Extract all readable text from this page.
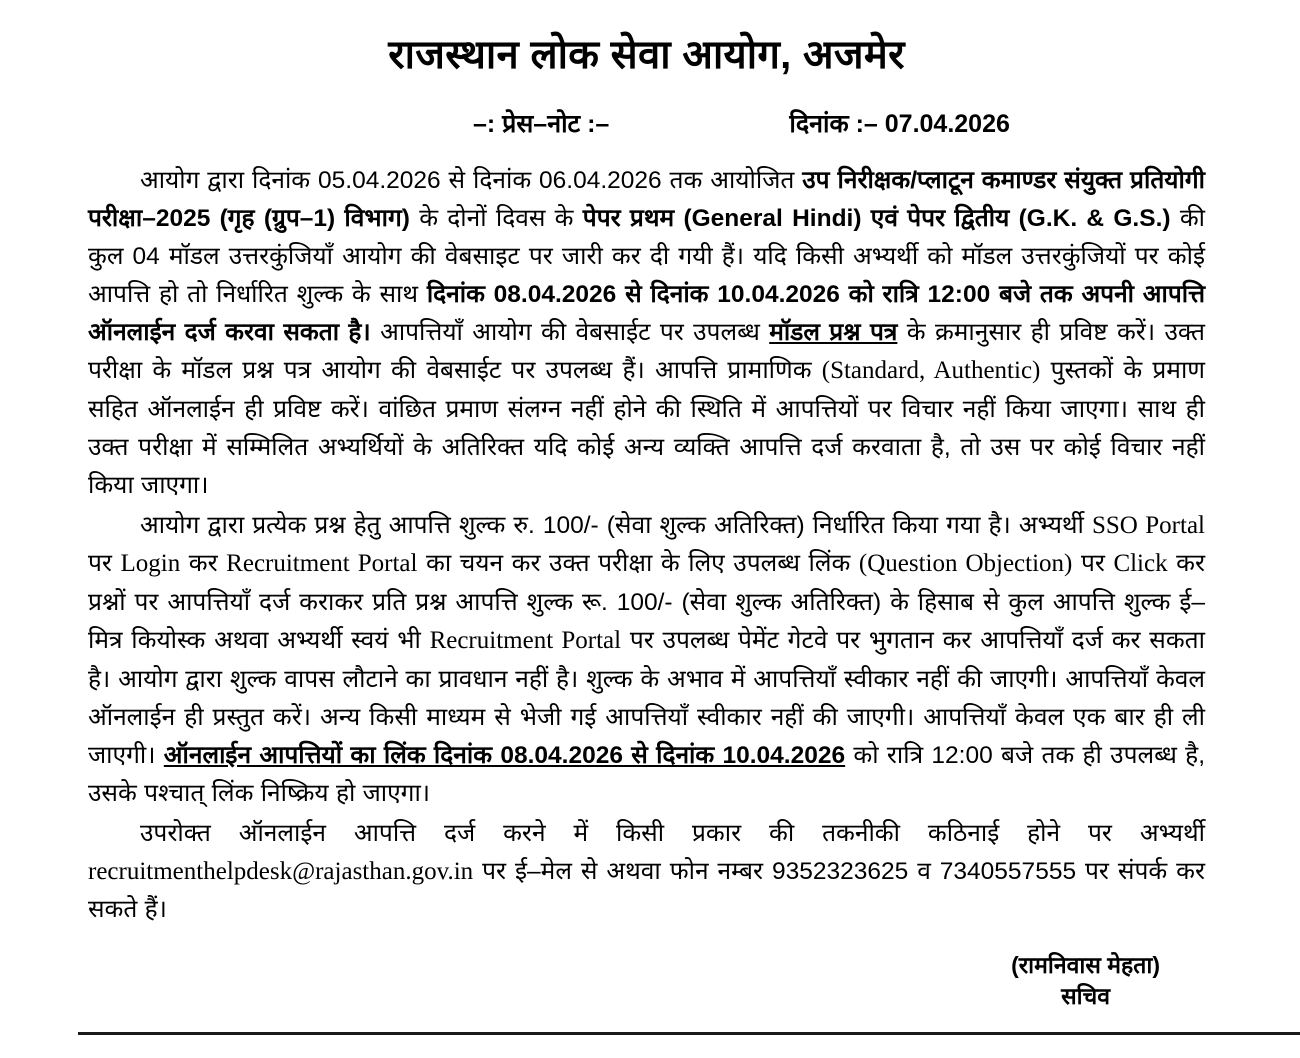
राजस्थान लोक सेवा आयोग, अजमेर
–: प्रेस–नोट :–	दिनांक :– 07.04.2026

आयोग द्वारा दिनांक 05.04.2026 से दिनांक 06.04.2026 तक आयोजित उप निरीक्षक/प्लाटून कमाण्डर संयुक्त प्रतियोगी परीक्षा–2025 (गृह (ग्रुप–1) विभाग) के दोनों दिवस के पेपर प्रथम (General Hindi) एवं पेपर द्वितीय (G.K. & G.S.) की कुल 04 मॉडल उत्तरकुंजियाँ आयोग की वेबसाइट पर जारी कर दी गयी हैं। यदि किसी अभ्यर्थी को मॉडल उत्तरकुंजियों पर कोई आपत्ति हो तो निर्धारित शुल्क के साथ दिनांक 08.04.2026 से दिनांक 10.04.2026 को रात्रि 12:00 बजे तक अपनी आपत्ति ऑनलाईन दर्ज करवा सकता है। आपत्तियाँ आयोग की वेबसाईट पर उपलब्ध मॉडल प्रश्न पत्र के क्रमानुसार ही प्रविष्ट करें। उक्त परीक्षा के मॉडल प्रश्न पत्र आयोग की वेबसाईट पर उपलब्ध हैं। आपत्ति प्रामाणिक (Standard, Authentic) पुस्तकों के प्रमाण सहित ऑनलाईन ही प्रविष्ट करें। वांछित प्रमाण संलग्न नहीं होने की स्थिति में आपत्तियों पर विचार नहीं किया जाएगा। साथ ही उक्त परीक्षा में सम्मिलित अभ्यर्थियों के अतिरिक्त यदि कोई अन्य व्यक्ति आपत्ति दर्ज करवाता है, तो उस पर कोई विचार नहीं किया जाएगा।

आयोग द्वारा प्रत्येक प्रश्न हेतु आपत्ति शुल्क रु. 100/- (सेवा शुल्क अतिरिक्त) निर्धारित किया गया है। अभ्यर्थी SSO Portal पर Login कर Recruitment Portal का चयन कर उक्त परीक्षा के लिए उपलब्ध लिंक (Question Objection) पर Click कर प्रश्नों पर आपत्तियाँ दर्ज कराकर प्रति प्रश्न आपत्ति शुल्क रू. 100/- (सेवा शुल्क अतिरिक्त) के हिसाब से कुल आपत्ति शुल्क ई–मित्र कियोस्क अथवा अभ्यर्थी स्वयं भी Recruitment Portal पर उपलब्ध पेमेंट गेटवे पर भुगतान कर आपत्तियाँ दर्ज कर सकता है। आयोग द्वारा शुल्क वापस लौटाने का प्रावधान नहीं है। शुल्क के अभाव में आपत्तियाँ स्वीकार नहीं की जाएगी। आपत्तियाँ केवल ऑनलाईन ही प्रस्तुत करें। अन्य किसी माध्यम से भेजी गई आपत्तियाँ स्वीकार नहीं की जाएगी। आपत्तियाँ केवल एक बार ही ली जाएगी। ऑनलाईन आपत्तियों का लिंक दिनांक 08.04.2026 से दिनांक 10.04.2026 को रात्रि 12:00 बजे तक ही उपलब्ध है, उसके पश्चात् लिंक निष्क्रिय हो जाएगा।

उपरोक्त ऑनलाईन आपत्ति दर्ज करने में किसी प्रकार की तकनीकी कठिनाई होने पर अभ्यर्थी recruitmenthelpdesk@rajasthan.gov.in पर ई–मेल से अथवा फोन नम्बर 9352323625 व 7340557555 पर संपर्क कर सकते हैं।

(रामनिवास मेहता)
सचिव
